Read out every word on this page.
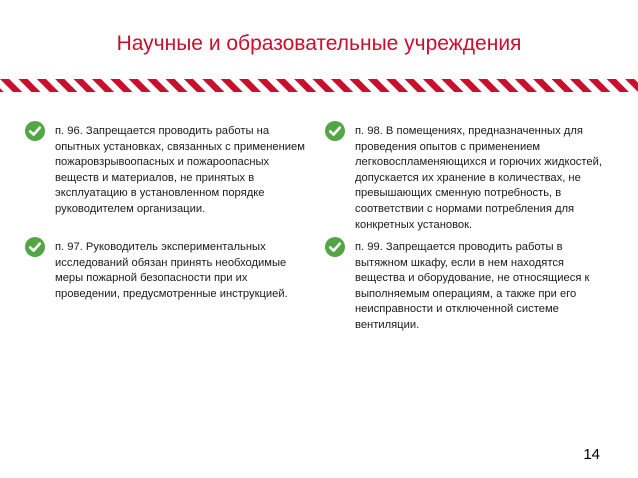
Научные и образовательные учреждения

п. 96. Запрещается проводить работы на опытных установках, связанных с применением пожаровзрывоопасных и пожароопасных веществ и материалов, не принятых в эксплуатацию в установленном порядке руководителем организации.

п. 97. Руководитель экспериментальных исследований обязан принять необходимые меры пожарной безопасности при их проведении, предусмотренные инструкцией.

п. 98. В помещениях, предназначенных для проведения опытов с применением легковоспламеняющихся и горючих жидкостей, допускается их хранение в количествах, не превышающих сменную потребность, в соответствии с нормами потребления для конкретных установок.

п. 99. Запрещается проводить работы в вытяжном шкафу, если в нем находятся вещества и оборудование, не относящиеся к выполняемым операциям, а также при его неисправности и отключенной системе вентиляции.

14
